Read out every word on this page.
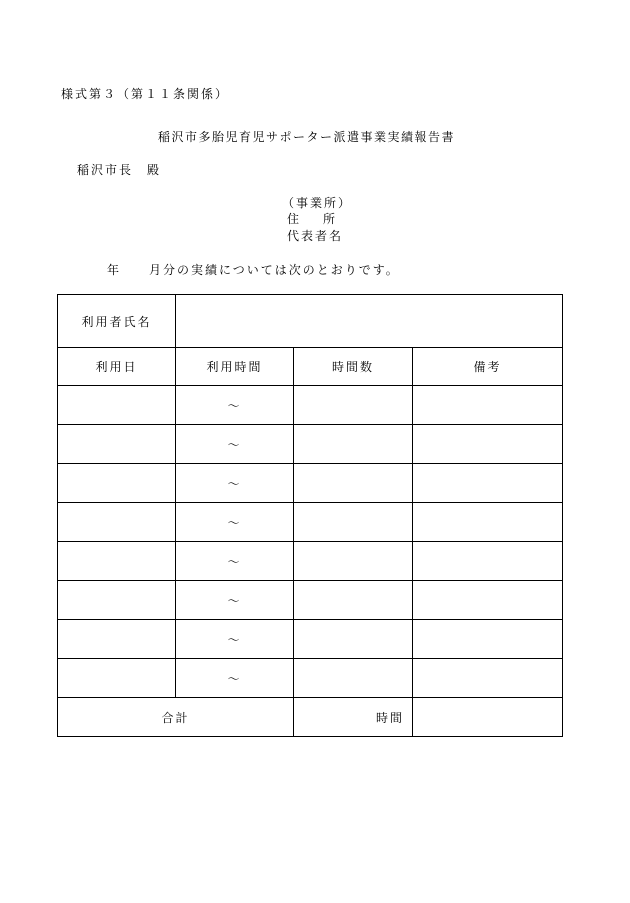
様式第３（第１１条関係）
稲沢市多胎児育児サポーター派遣事業実績報告書
稲沢市長　殿
（事業所）
住　　所
代表者名
年　　月分の実績については次のとおりです。
利用者氏名			
利用日	利用時間	時間数	備考
	～		
	～		
	～		
	～		
	～		
	～		
	～		
	～		
合計		時間	
